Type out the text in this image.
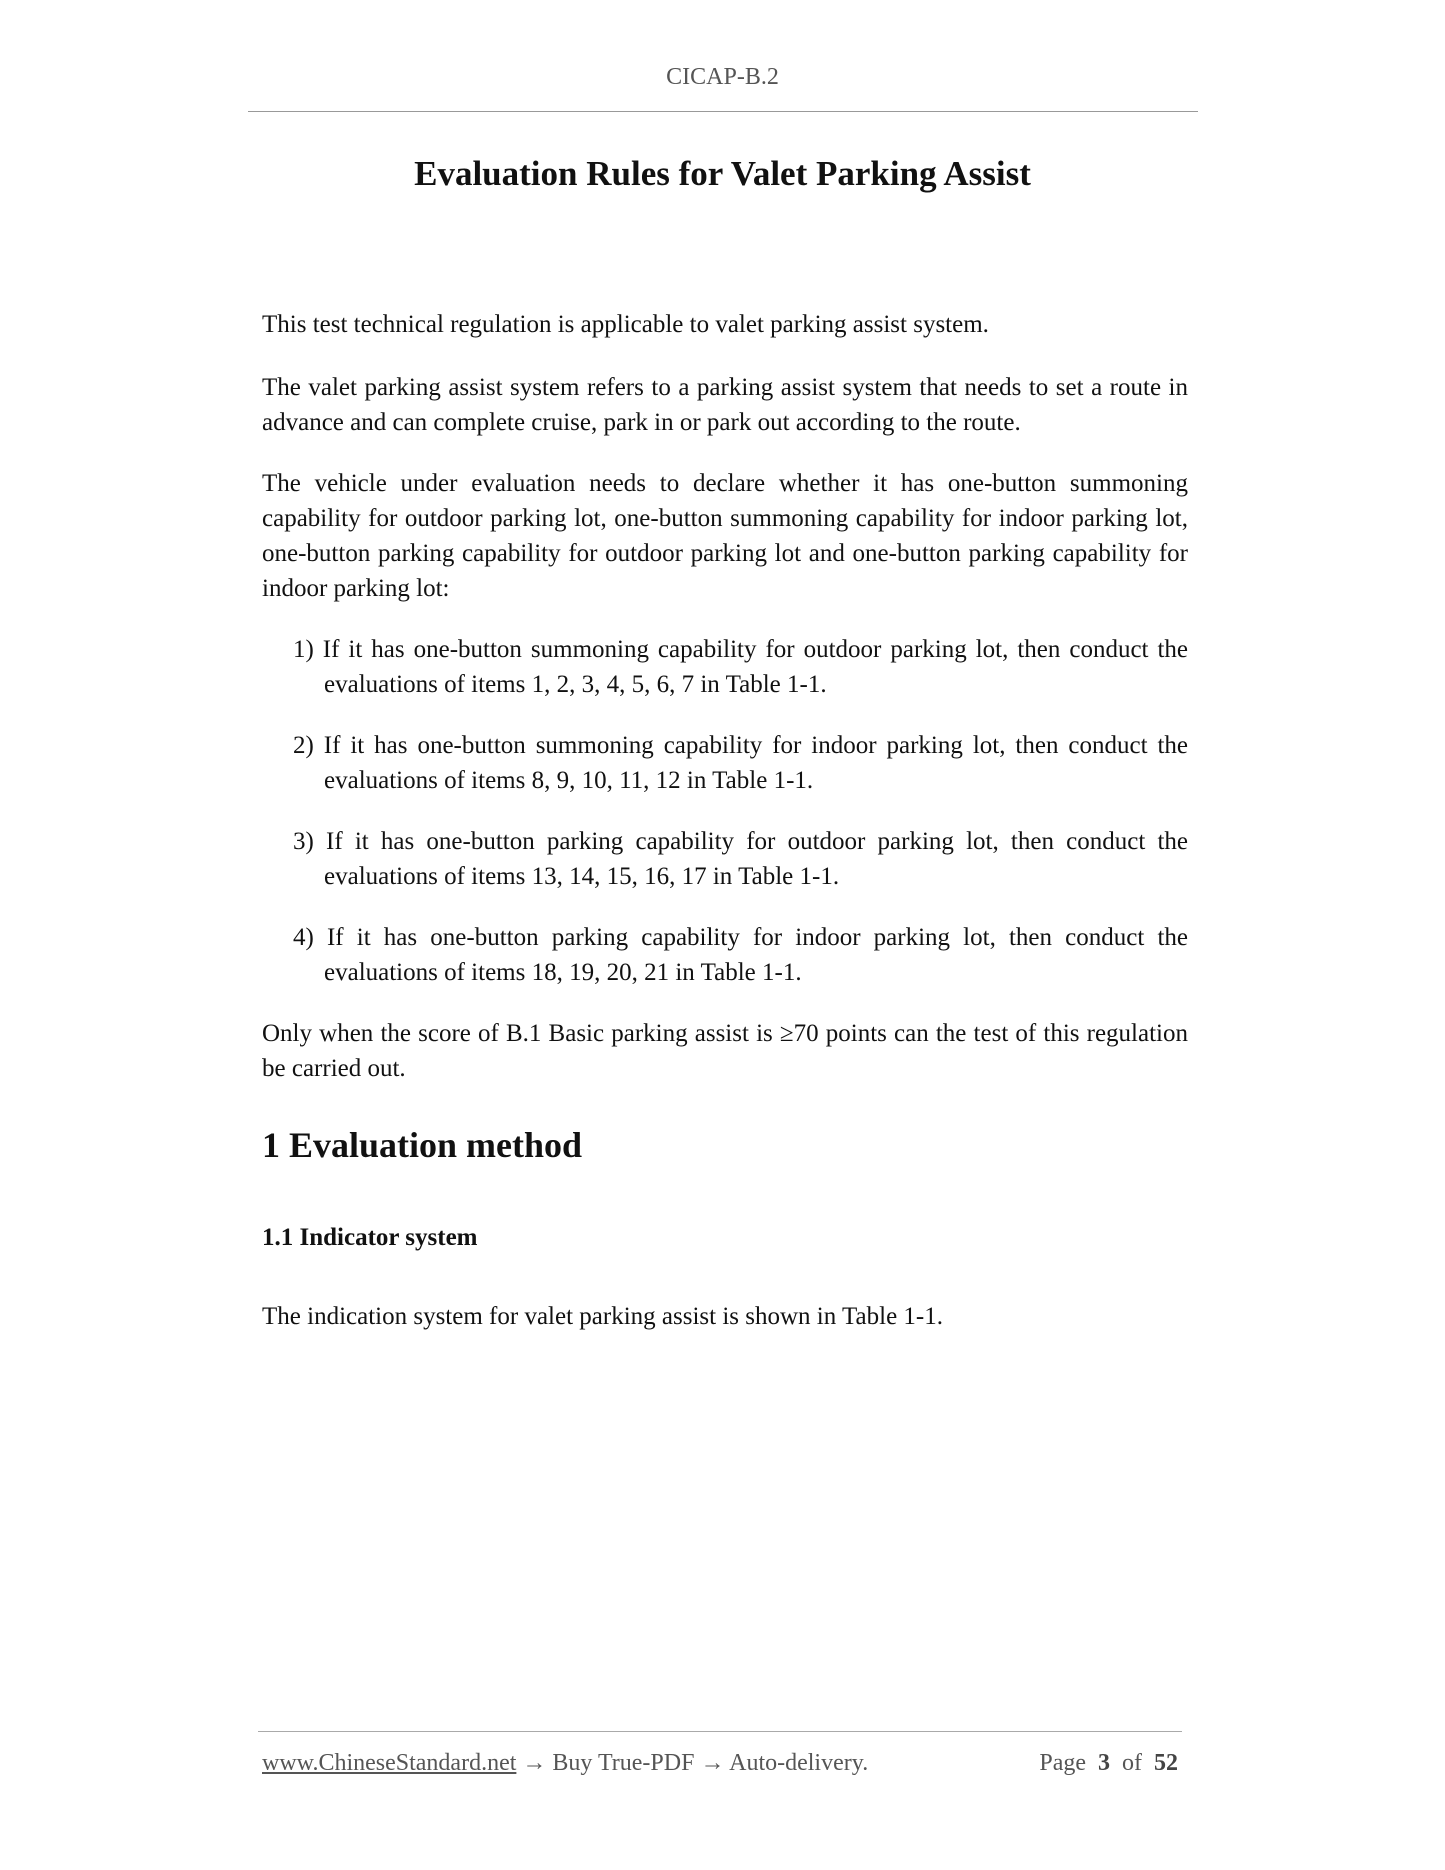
CICAP-B.2
Evaluation Rules for Valet Parking Assist
This test technical regulation is applicable to valet parking assist system.
The valet parking assist system refers to a parking assist system that needs to set a route in advance and can complete cruise, park in or park out according to the route.
The vehicle under evaluation needs to declare whether it has one-button summoning capability for outdoor parking lot, one-button summoning capability for indoor parking lot, one-button parking capability for outdoor parking lot and one-button parking capability for indoor parking lot:
1) If it has one-button summoning capability for outdoor parking lot, then conduct the evaluations of items 1, 2, 3, 4, 5, 6, 7 in Table 1-1.
2) If it has one-button summoning capability for indoor parking lot, then conduct the evaluations of items 8, 9, 10, 11, 12 in Table 1-1.
3) If it has one-button parking capability for outdoor parking lot, then conduct the evaluations of items 13, 14, 15, 16, 17 in Table 1-1.
4) If it has one-button parking capability for indoor parking lot, then conduct the evaluations of items 18, 19, 20, 21 in Table 1-1.
Only when the score of B.1 Basic parking assist is ≥70 points can the test of this regulation be carried out.
1 Evaluation method
1.1 Indicator system
The indication system for valet parking assist is shown in Table 1-1.
www.ChineseStandard.net → Buy True-PDF → Auto-delivery.	Page 3 of 52
